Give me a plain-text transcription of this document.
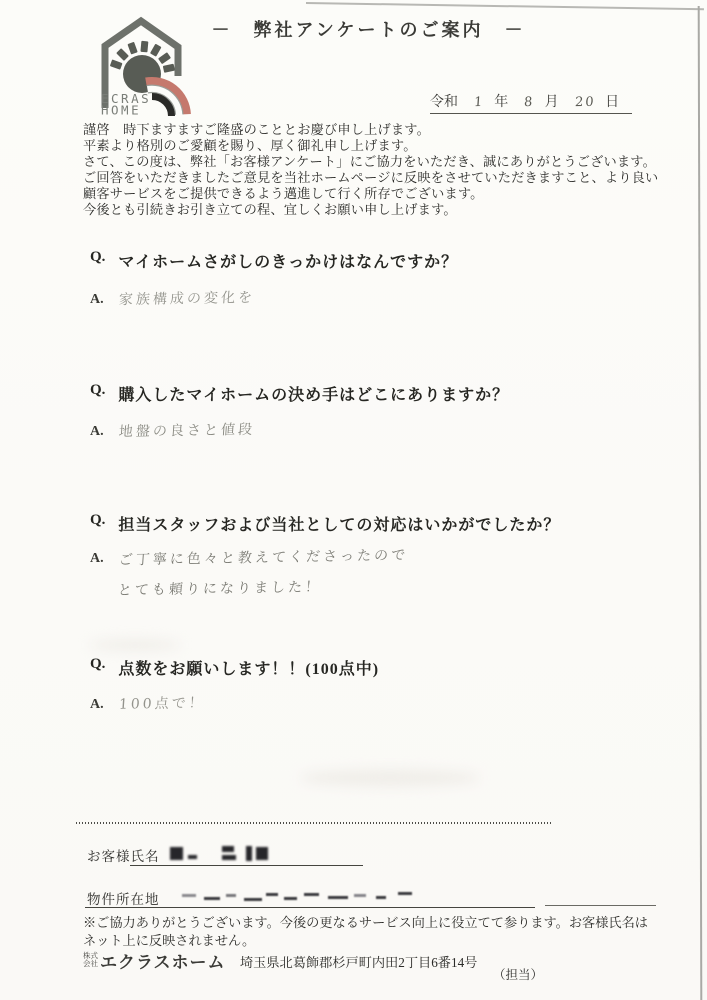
ECRAS
HOME
－　弊社アンケートのご案内　－
令和 1 年 8 月 20 日
謹啓　時下ますますご隆盛のこととお慶び申し上げます。
平素より格別のご愛顧を賜り、厚く御礼申し上げます。
さて、この度は、弊社「お客様アンケート」にご協力をいただき、誠にありがとうございます。
ご回答をいただきましたご意見を当社ホームページに反映をさせていただきますこと、より良い
顧客サービスをご提供できるよう邁進して行く所存でございます。
今後とも引続きお引き立ての程、宜しくお願い申し上げます。
Q. マイホームさがしのきっかけはなんですか？
A. 家族構成の変化を
Q. 購入したマイホームの決め手はどこにありますか？
A. 地盤の良さと値段
Q. 担当スタッフおよび当社としての対応はいかがでしたか？
A. ご丁寧に色々と教えてくださったので
とても頼りになりました！
Q. 点数をお願いします！！(100点中)
A. 100点で！
お客様氏名
物件所在地
※ご協力ありがとうございます。今後の更なるサービス向上に役立てて参ります。お客様氏名は
ネット上に反映されません。
株式
会社 エクラスホーム 埼玉県北葛飾郡杉戸町内田2丁目6番14号
（担当）
